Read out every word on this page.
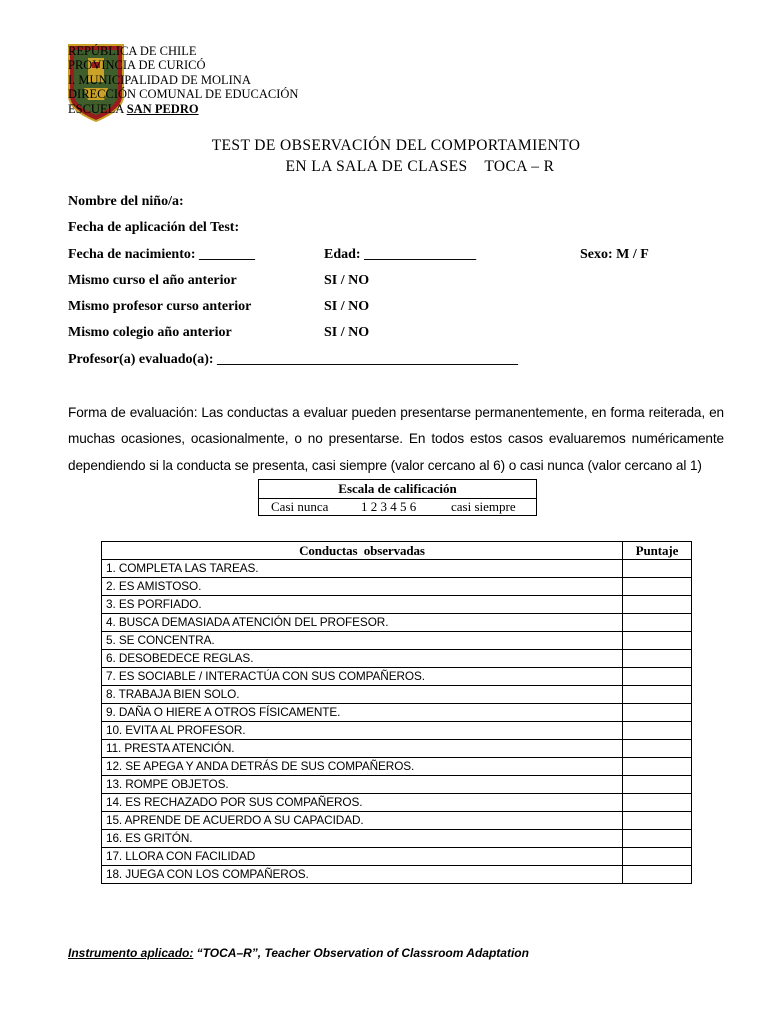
REPÚBLICA DE CHILE
PROVINCIA DE CURICÓ
I. MUNICIPALIDAD DE MOLINA
DIRECCIÓN COMUNAL DE EDUCACIÓN
ESCUELA SAN PEDRO
TEST DE OBSERVACIÓN DEL COMPORTAMIENTO
EN LA SALA DE CLASES    TOCA – R
Nombre del niño/a:
Fecha de aplicación del Test:
Fecha de nacimiento: ________	Edad: ________________	Sexo: M / F
Mismo curso el año anterior	SI / NO
Mismo profesor curso anterior	SI / NO
Mismo colegio año anterior	SI / NO
Profesor(a) evaluado(a): ___________________________________________
Forma de evaluación: Las conductas a evaluar pueden presentarse permanentemente, en forma reiterada, en muchas ocasiones, ocasionalmente, o no presentarse. En todos estos casos evaluaremos numéricamente dependiendo si la conducta se presenta, casi siempre (valor cercano al 6) o casi nunca (valor cercano al 1)
Escala de calificación
Casi nunca	1 2 3 4 5 6	casi siempre
Conductas  observadas	Puntaje
1. COMPLETA LAS TAREAS.	
2. ES AMISTOSO.	
3. ES PORFIADO.	
4. BUSCA DEMASIADA ATENCIÓN DEL PROFESOR.	
5. SE CONCENTRA.	
6. DESOBEDECE REGLAS.	
7. ES SOCIABLE / INTERACTÚA CON SUS COMPAÑEROS.	
8. TRABAJA BIEN SOLO.	
9. DAÑA O HIERE A OTROS FÍSICAMENTE.	
10. EVITA AL PROFESOR.	
11. PRESTA ATENCIÓN.	
12. SE APEGA Y ANDA DETRÁS DE SUS COMPAÑEROS.	
13. ROMPE OBJETOS.	
14. ES RECHAZADO POR SUS COMPAÑEROS.	
15. APRENDE DE ACUERDO A SU CAPACIDAD.	
16. ES GRITÓN.	
17. LLORA CON FACILIDAD	
18. JUEGA CON LOS COMPAÑEROS.	
Instrumento aplicado: “TOCA–R”, Teacher Observation of Classroom Adaptation
